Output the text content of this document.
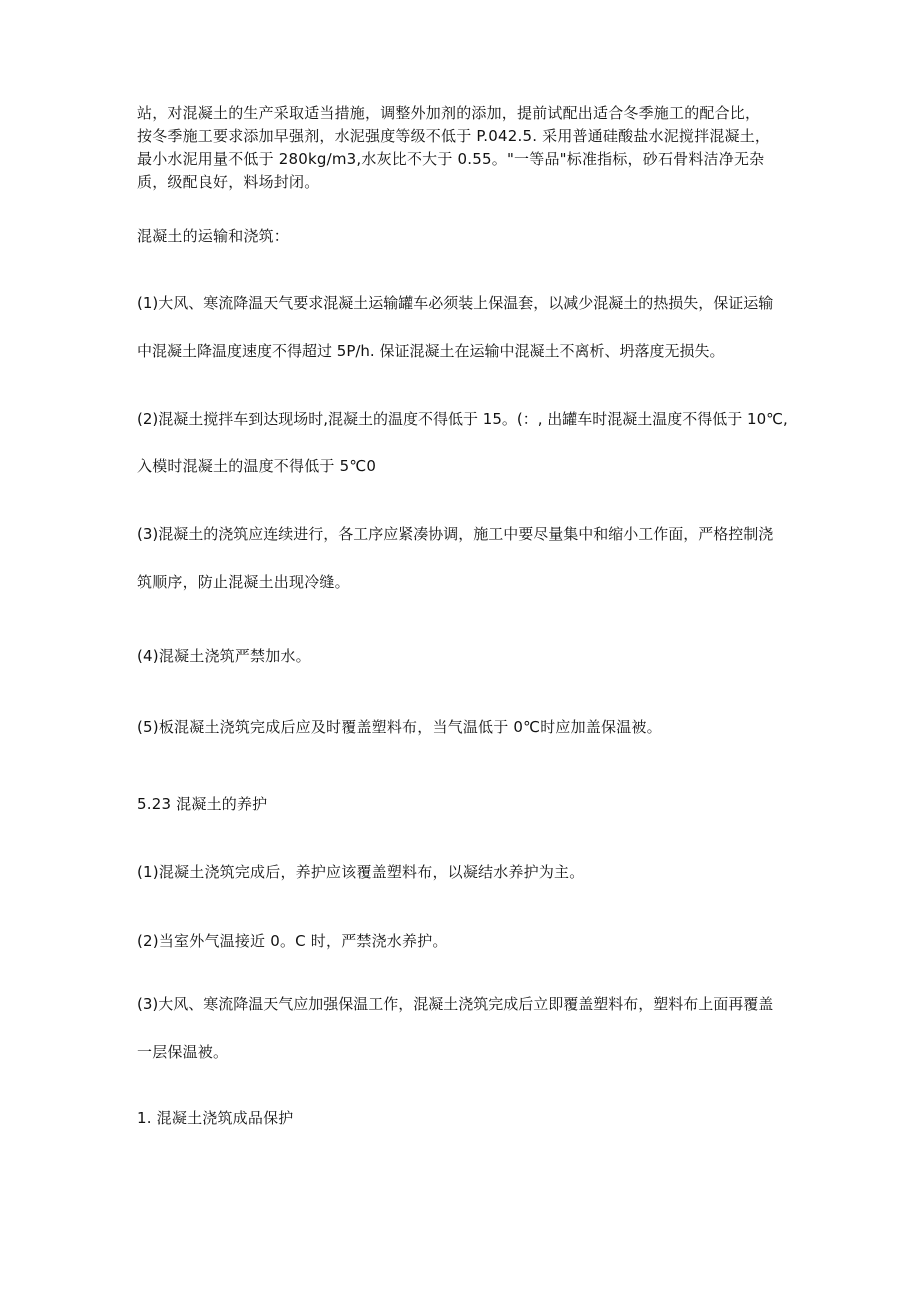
站，对混凝土的生产采取适当措施，调整外加剂的添加，提前试配出适合冬季施工的配合比，
按冬季施工要求添加早强剂，水泥强度等级不低于 P.042.5. 采用普通硅酸盐水泥搅拌混凝土，
最小水泥用量不低于 280kg∕m3,水灰比不大于 0.55。"一等品"标准指标，砂石骨料洁净无杂
质，级配良好，料场封闭。
混凝土的运输和浇筑：
(1)大风、寒流降温天气要求混凝土运输罐车必须装上保温套，以减少混凝土的热损失，保证运输
中混凝土降温度速度不得超过 5P∕h. 保证混凝土在运输中混凝土不离析、坍落度无损失。
(2)混凝土搅拌车到达现场时,混凝土的温度不得低于 15。(：, 出罐车时混凝土温度不得低于 10℃,
入模时混凝土的温度不得低于 5℃0
(3)混凝土的浇筑应连续进行，各工序应紧凑协调，施工中要尽量集中和缩小工作面，严格控制浇
筑顺序，防止混凝土出现冷缝。
(4)混凝土浇筑严禁加水。
(5)板混凝土浇筑完成后应及时覆盖塑料布，当气温低于 0℃时应加盖保温被。
5.23 混凝土的养护
(1)混凝土浇筑完成后，养护应该覆盖塑料布，以凝结水养护为主。
(2)当室外气温接近 0。C 时，严禁浇水养护。
(3)大风、寒流降温天气应加强保温工作，混凝土浇筑完成后立即覆盖塑料布，塑料布上面再覆盖
一层保温被。
1. 混凝土浇筑成品保护
